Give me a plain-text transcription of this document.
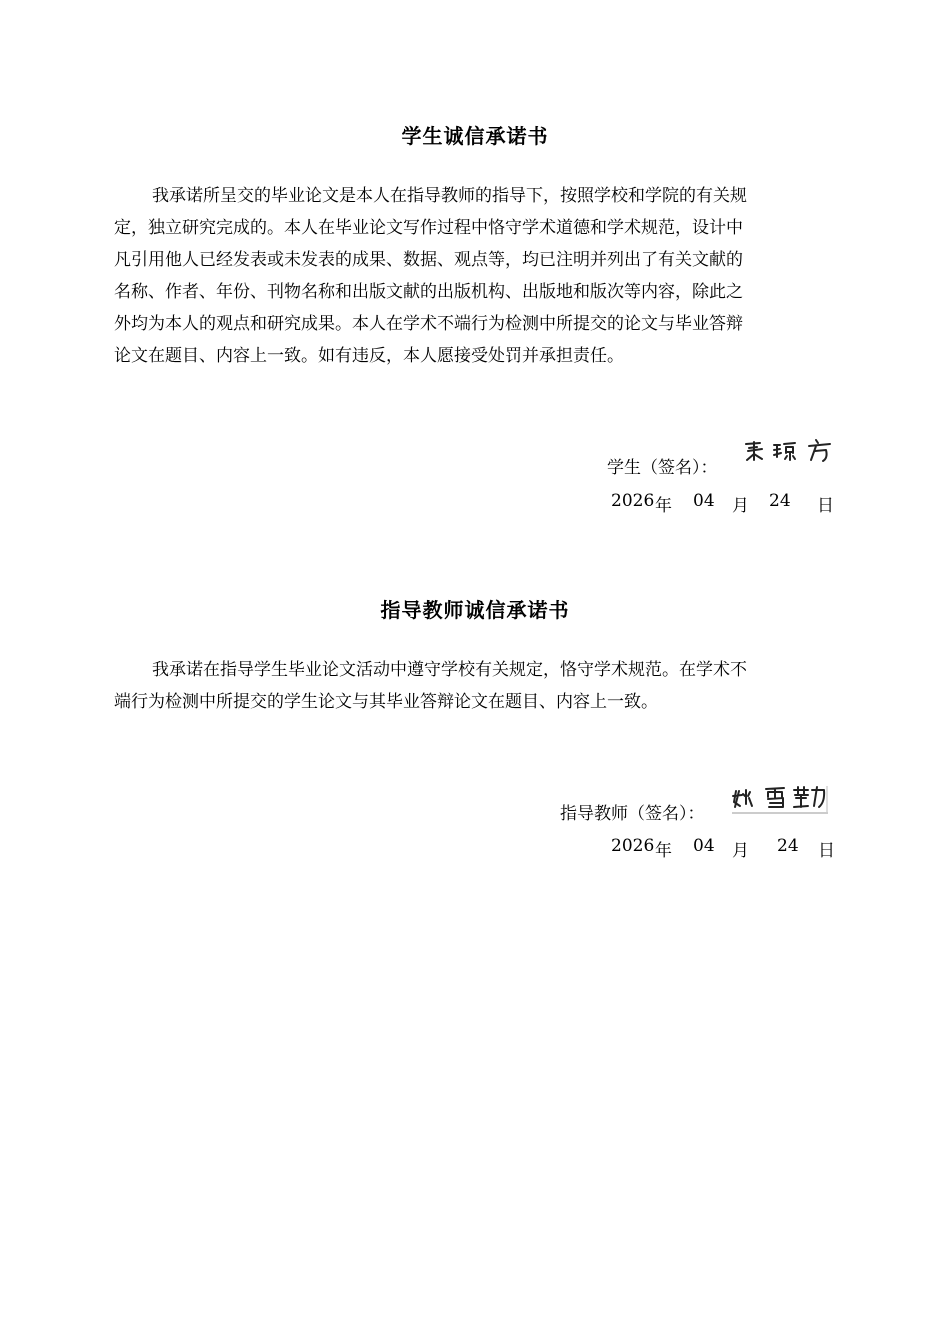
学生诚信承诺书
我承诺所呈交的毕业论文是本人在指导教师的指导下，按照学校和学院的有关规
定，独立研究完成的。本人在毕业论文写作过程中恪守学术道德和学术规范，设计中
凡引用他人已经发表或未发表的成果、数据、观点等，均已注明并列出了有关文献的
名称、作者、年份、刊物名称和出版文献的出版机构、出版地和版次等内容，除此之
外均为本人的观点和研究成果。本人在学术不端行为检测中所提交的论文与毕业答辩
论文在题目、内容上一致。如有违反，本人愿接受处罚并承担责任。
学生（签名）：
2026 年 04 月 24 日
指导教师诚信承诺书
我承诺在指导学生毕业论文活动中遵守学校有关规定，恪守学术规范。在学术不
端行为检测中所提交的学生论文与其毕业答辩论文在题目、内容上一致。
指导教师（签名）：
2026 年 04 月 24 日
